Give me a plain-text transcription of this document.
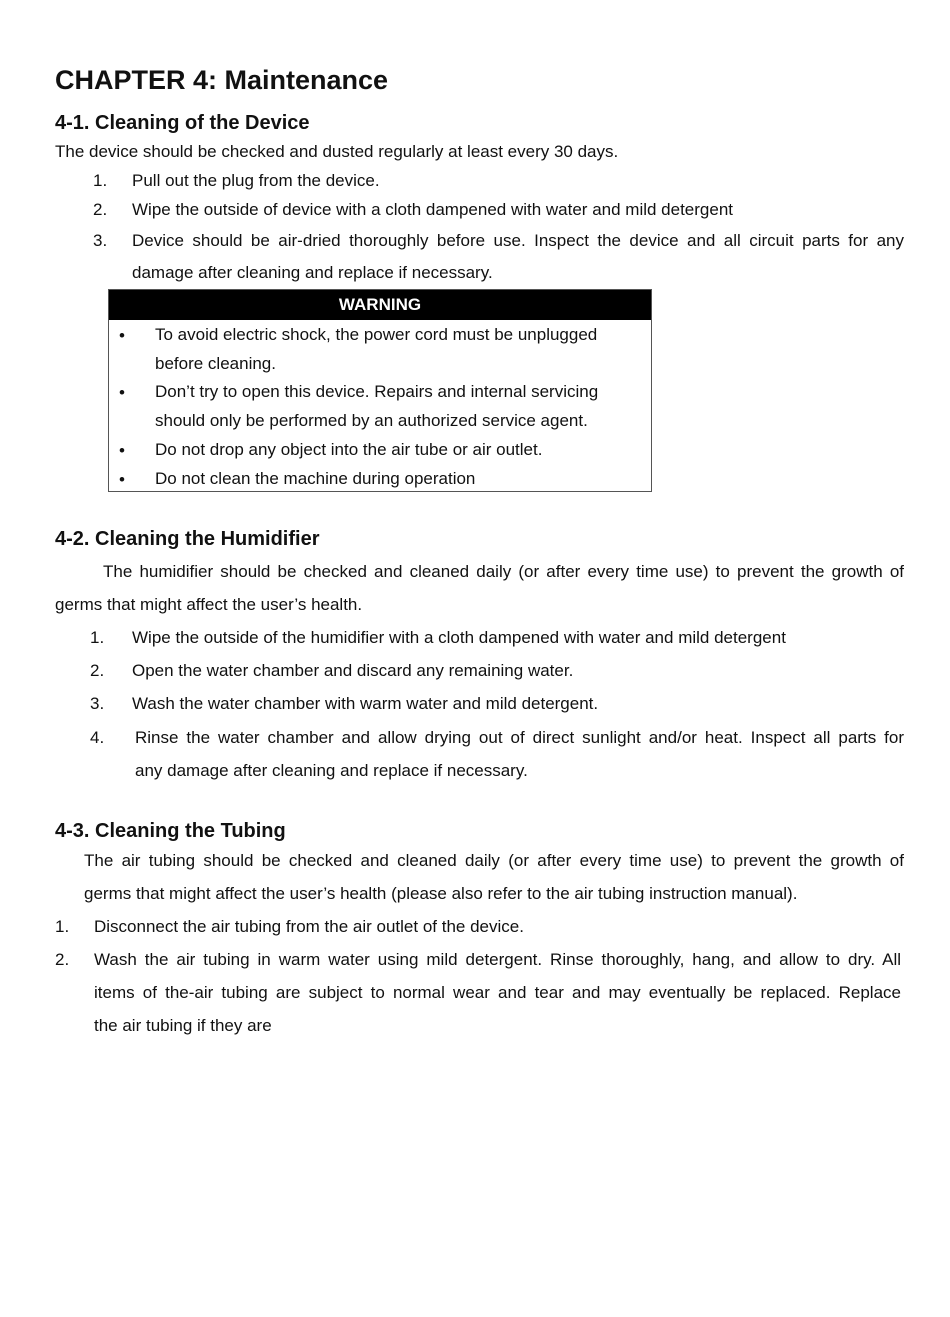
CHAPTER 4: Maintenance
4-1. Cleaning of the Device

The device should be checked and dusted regularly at least every 30 days.

1. Pull out the plug from the device.

2. Wipe the outside of device with a cloth dampened with water and mild detergent

3. Device should be air-dried thoroughly before use. Inspect the device and all circuit parts for any

damage after cleaning and replace if necessary.

WARNING
• To avoid electric shock, the power cord must be unplugged
before cleaning.
• Don’t try to open this device. Repairs and internal servicing
should only be performed by an authorized service agent.
• Do not drop any object into the air tube or air outlet.
• Do not clean the machine during operation
4-2. Cleaning the Humidifier

The humidifier should be checked and cleaned daily (or after every time use) to prevent the growth of

germs that might affect the user’s health.

1. Wipe the outside of the humidifier with a cloth dampened with water and mild detergent

2. Open the water chamber and discard any remaining water.

3. Wash the water chamber with warm water and mild detergent.

4. Rinse the water chamber and allow drying out of direct sunlight and/or heat. Inspect all parts for

any damage after cleaning and replace if necessary.

4-3. Cleaning the Tubing

The air tubing should be checked and cleaned daily (or after every time use) to prevent the growth of

germs that might affect the user’s health (please also refer to the air tubing instruction manual).

1. Disconnect the air tubing from the air outlet of the device.

2. Wash the air tubing in warm water using mild detergent. Rinse thoroughly, hang, and allow to dry. All

items of the-air tubing are subject to normal wear and tear and may eventually be replaced. Replace

the air tubing if they are
